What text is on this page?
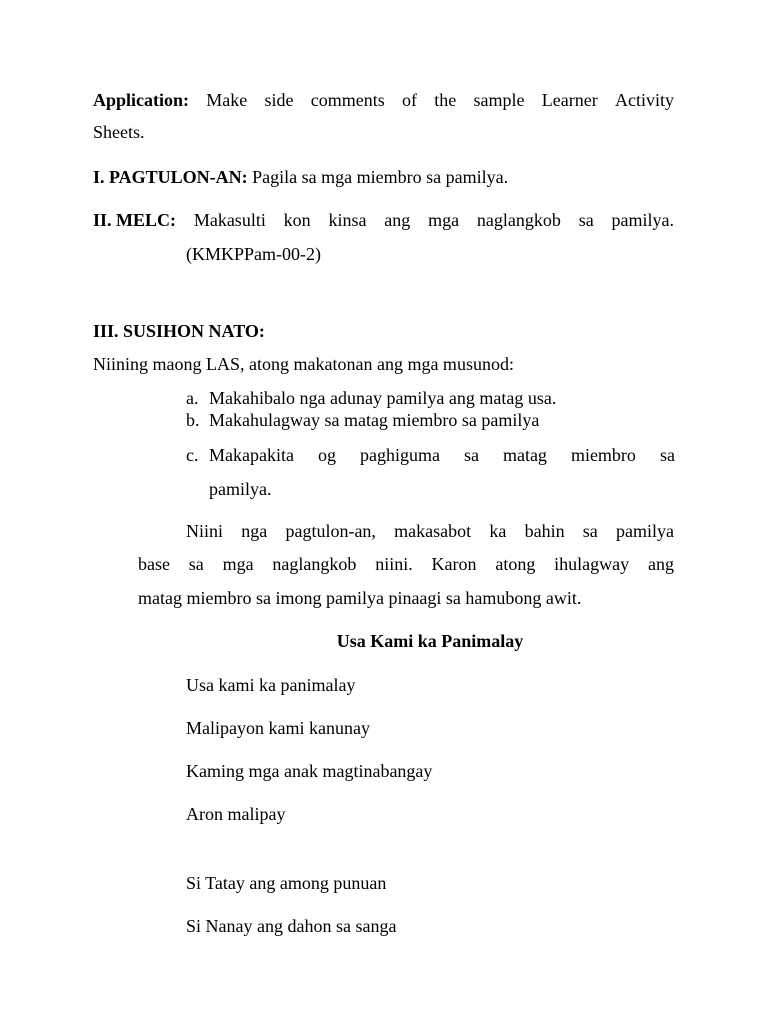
Application: Make side comments of the sample Learner Activity
Sheets.
I. PAGTULON-AN: Pagila sa mga miembro sa pamilya.
II. MELC: Makasulti kon kinsa ang mga naglangkob sa pamilya.
(KMKPPam-00-2)
III. SUSIHON NATO:
Niining maong LAS, atong makatonan ang mga musunod:
a. Makahibalo nga adunay pamilya ang matag usa.
b. Makahulagway sa matag miembro sa pamilya
c. Makapakita og paghiguma sa matag miembro sa
pamilya.
Niini nga pagtulon-an, makasabot ka bahin sa pamilya
base sa mga naglangkob niini. Karon atong ihulagway ang
matag miembro sa imong pamilya pinaagi sa hamubong awit.
Usa Kami ka Panimalay
Usa kami ka panimalay
Malipayon kami kanunay
Kaming mga anak magtinabangay
Aron malipay
Si Tatay ang among punuan
Si Nanay ang dahon sa sanga
